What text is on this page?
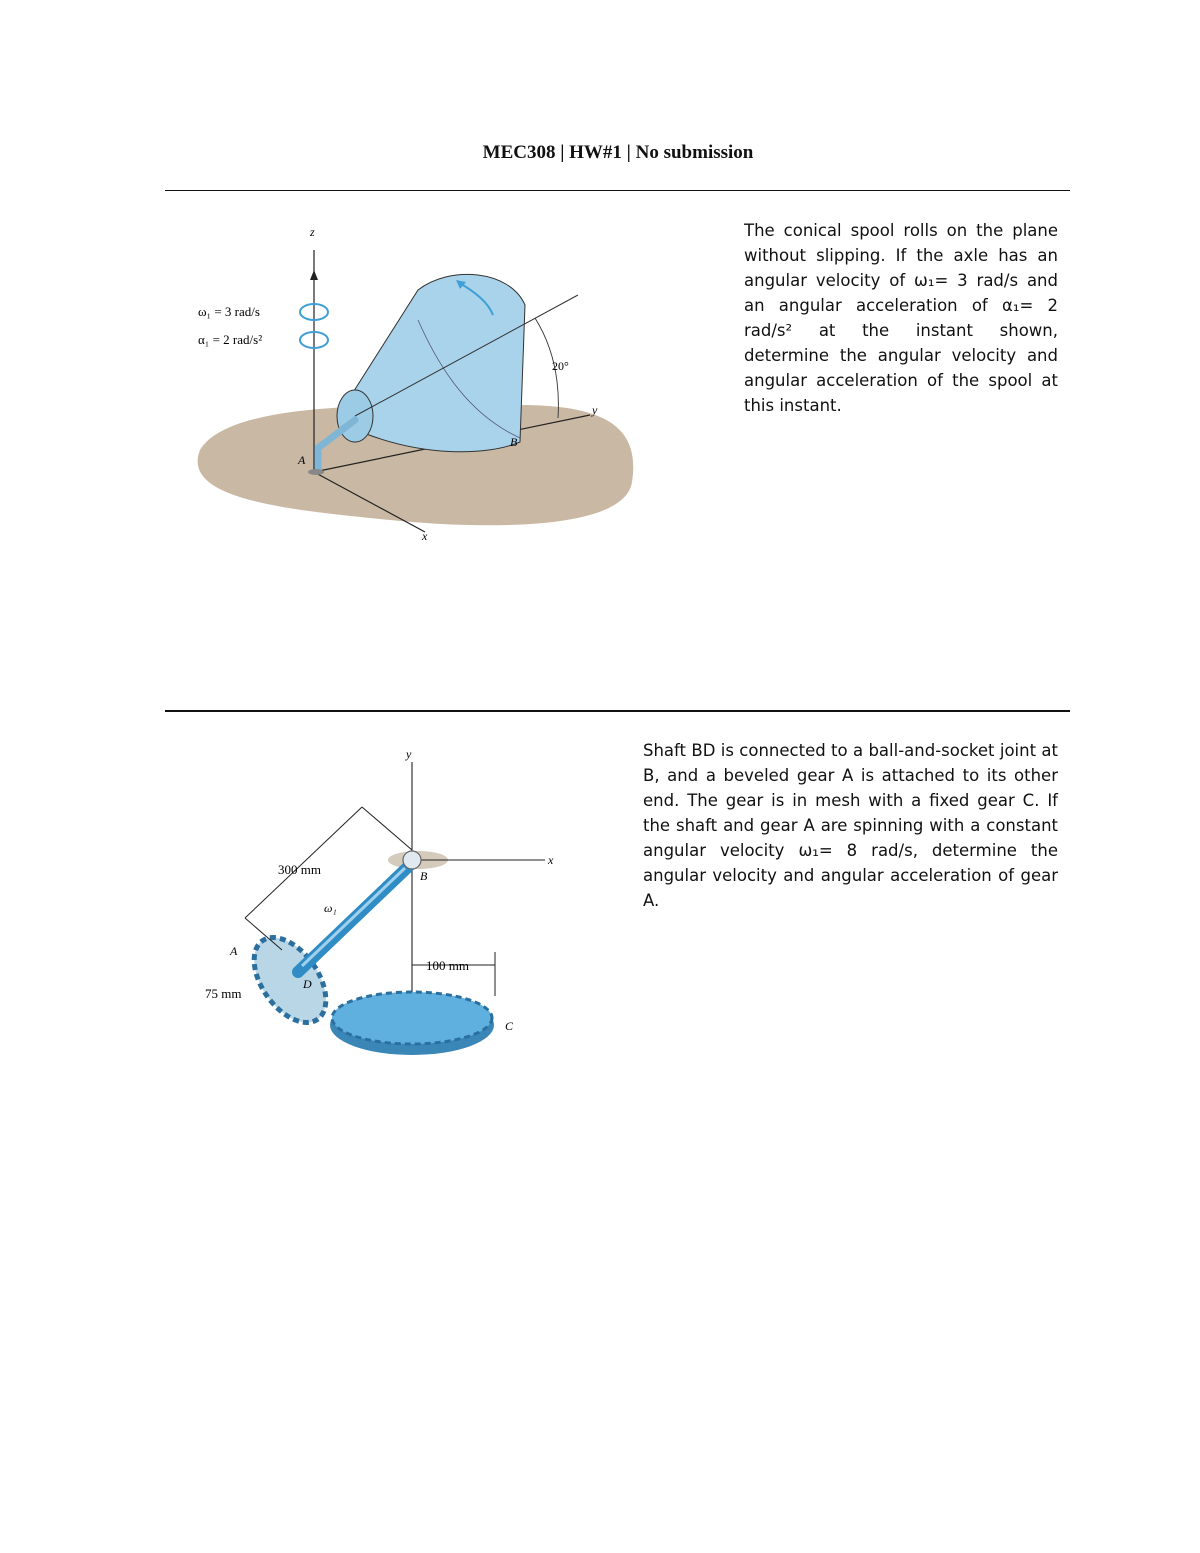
MEC308 | HW#1 | No submission
z
y
x
A
B
20°
ω₁ = 3 rad/s
α₁ = 2 rad/s²
The conical spool rolls on the plane without slipping. If the axle has an angular velocity of ω₁= 3 rad/s and an angular acceleration of α₁= 2 rad/s² at the instant shown, determine the angular velocity and angular acceleration of the spool at this instant.
y
x
300 mm
100 mm
75 mm
ω₁
A
B
C
D
Shaft BD is connected to a ball-and-socket joint at B, and a beveled gear A is attached to its other end. The gear is in mesh with a fixed gear C. If the shaft and gear A are spinning with a constant angular velocity ω₁= 8 rad/s, determine the angular velocity and angular acceleration of gear A.
